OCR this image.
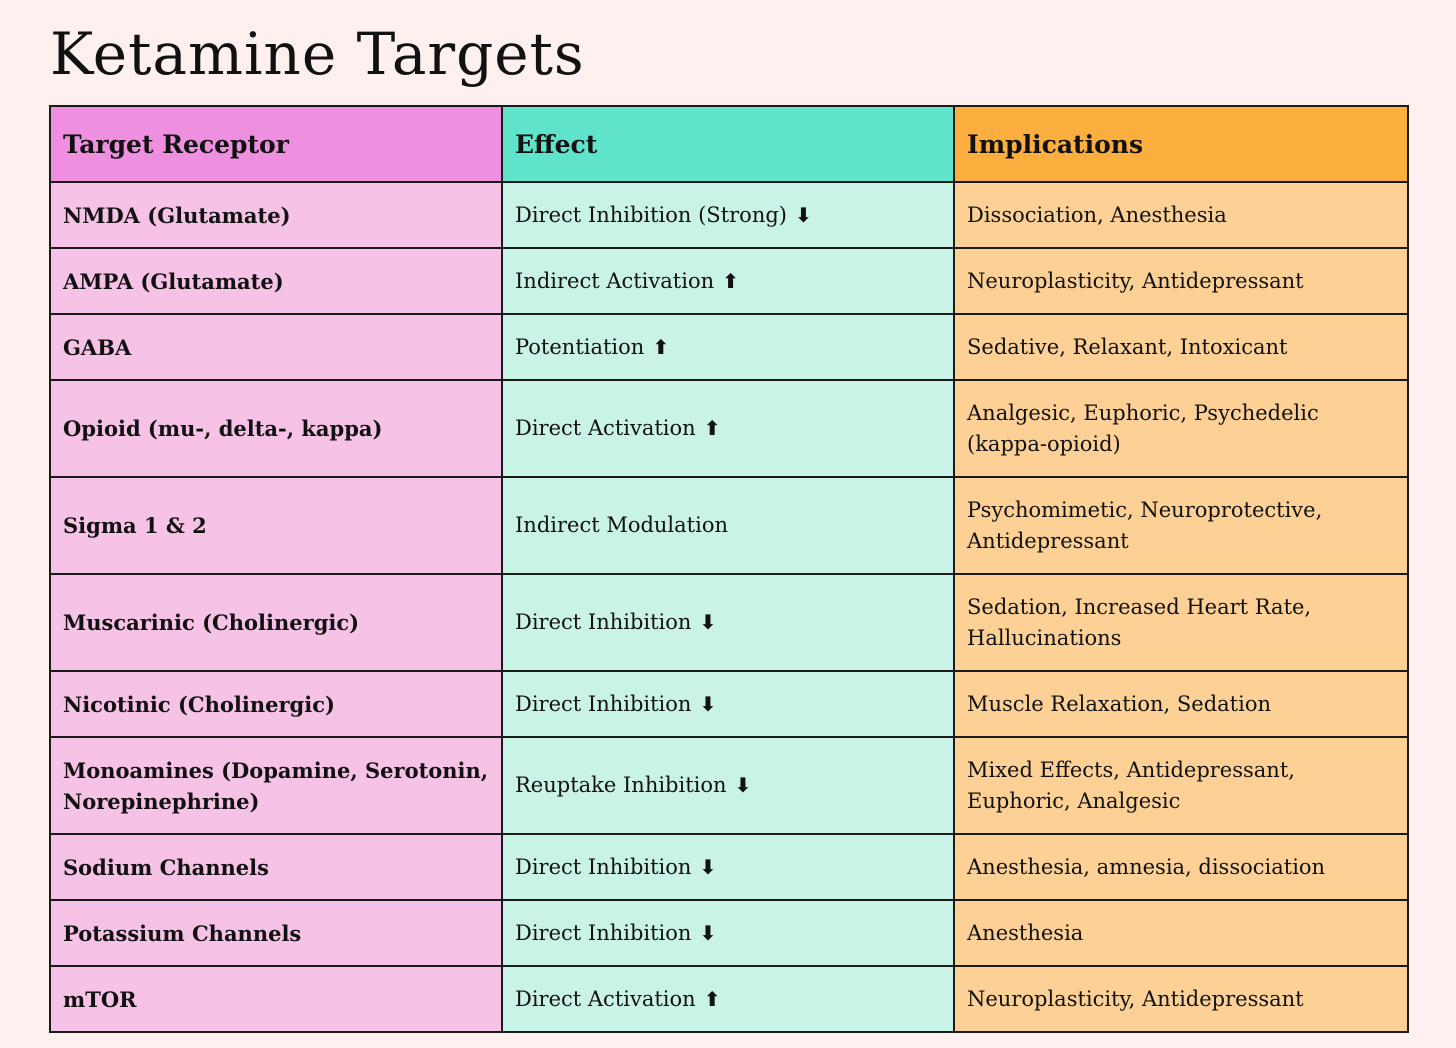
Ketamine Targets
Target Receptor	Effect	Implications
NMDA (Glutamate)	Direct Inhibition (Strong) ⬇	Dissociation, Anesthesia
AMPA (Glutamate)	Indirect Activation ⬆	Neuroplasticity, Antidepressant
GABA	Potentiation ⬆	Sedative, Relaxant, Intoxicant
Opioid (mu-, delta-, kappa)	Direct Activation ⬆	Analgesic, Euphoric, Psychedelic (kappa-opioid)
Sigma 1 & 2	Indirect Modulation	Psychomimetic, Neuroprotective, Antidepressant
Muscarinic (Cholinergic)	Direct Inhibition ⬇	Sedation, Increased Heart Rate, Hallucinations
Nicotinic (Cholinergic)	Direct Inhibition ⬇	Muscle Relaxation, Sedation
Monoamines (Dopamine, Serotonin, Norepinephrine)	Reuptake Inhibition ⬇	Mixed Effects, Antidepressant, Euphoric, Analgesic
Sodium Channels	Direct Inhibition ⬇	Anesthesia, amnesia, dissociation
Potassium Channels	Direct Inhibition ⬇	Anesthesia
mTOR	Direct Activation ⬆	Neuroplasticity, Antidepressant
